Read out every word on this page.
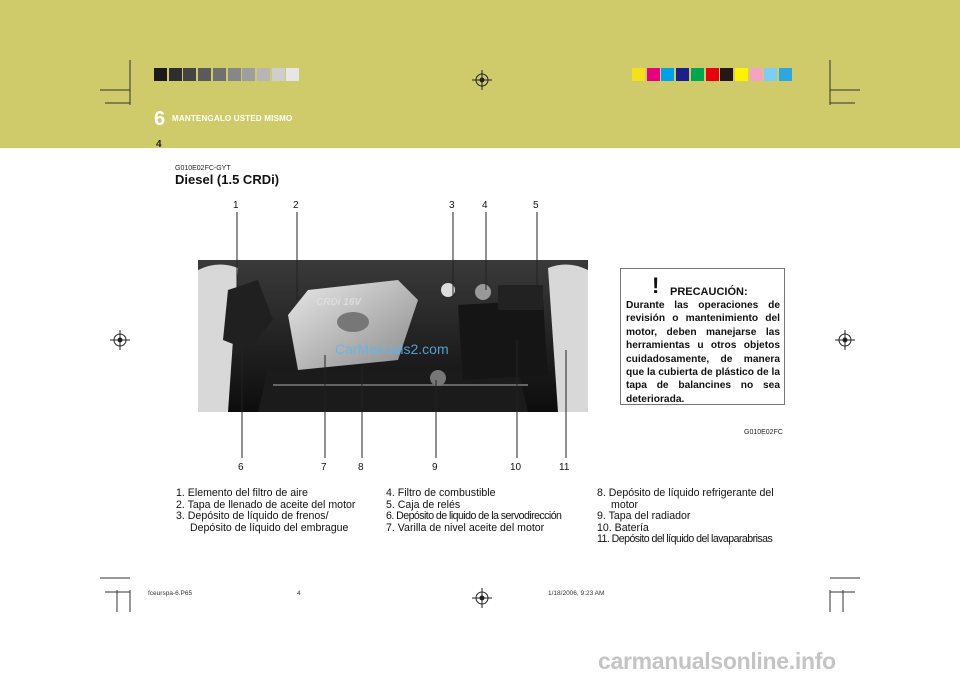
6 MANTENGALO USTED MISMO
4
G010E02FC-GYT
Diesel (1.5 CRDi)
CRDi 16V
1	2	3	4	5
6	7	8	9	10	11
CarManuals2.com
! PRECAUCIÓN:
Durante las operaciones de revisión o mantenimiento del motor, deben manejarse las herramientas u otros objetos cuidadosamente, de manera que la cubierta de plástico de la tapa de balancines no sea deteriorada.
G010E02FC
1. Elemento del filtro de aire
2. Tapa de llenado de aceite del motor
3. Depósito de líquido de frenos/
Depósito de líquido del embrague
4. Filtro de combustible
5. Caja de relés
6. Depósito de liquido de la servodirección
7. Varilla de nivel aceite del motor
8. Depósito de líquido refrigerante del
motor
9. Tapa del radiador
10. Batería
11. Depósito del líquido del lavaparabrisas
fceurspa-6.P65	4	1/18/2006, 9:23 AM
carmanualsonline.info
